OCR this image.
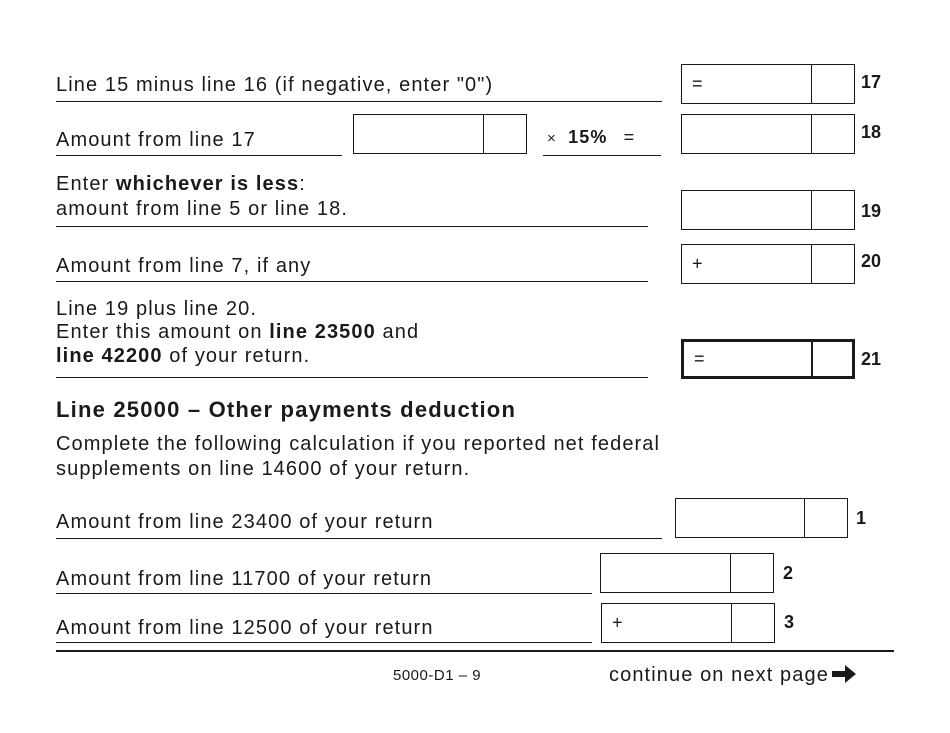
Line 15 minus line 16 (if negative, enter "0")	=	17
Amount from line 17	× 15% =	18
Enter whichever is less:
amount from line 5 or line 18.	19
Amount from line 7, if any	+	20
Line 19 plus line 20.
Enter this amount on line 23500 and
line 42200 of your return.	=	21
Line 25000 – Other payments deduction
Complete the following calculation if you reported net federal
supplements on line 14600 of your return.
Amount from line 23400 of your return	1
Amount from line 11700 of your return	2
Amount from line 12500 of your return	+	3
5000-D1 – 9	continue on next page
